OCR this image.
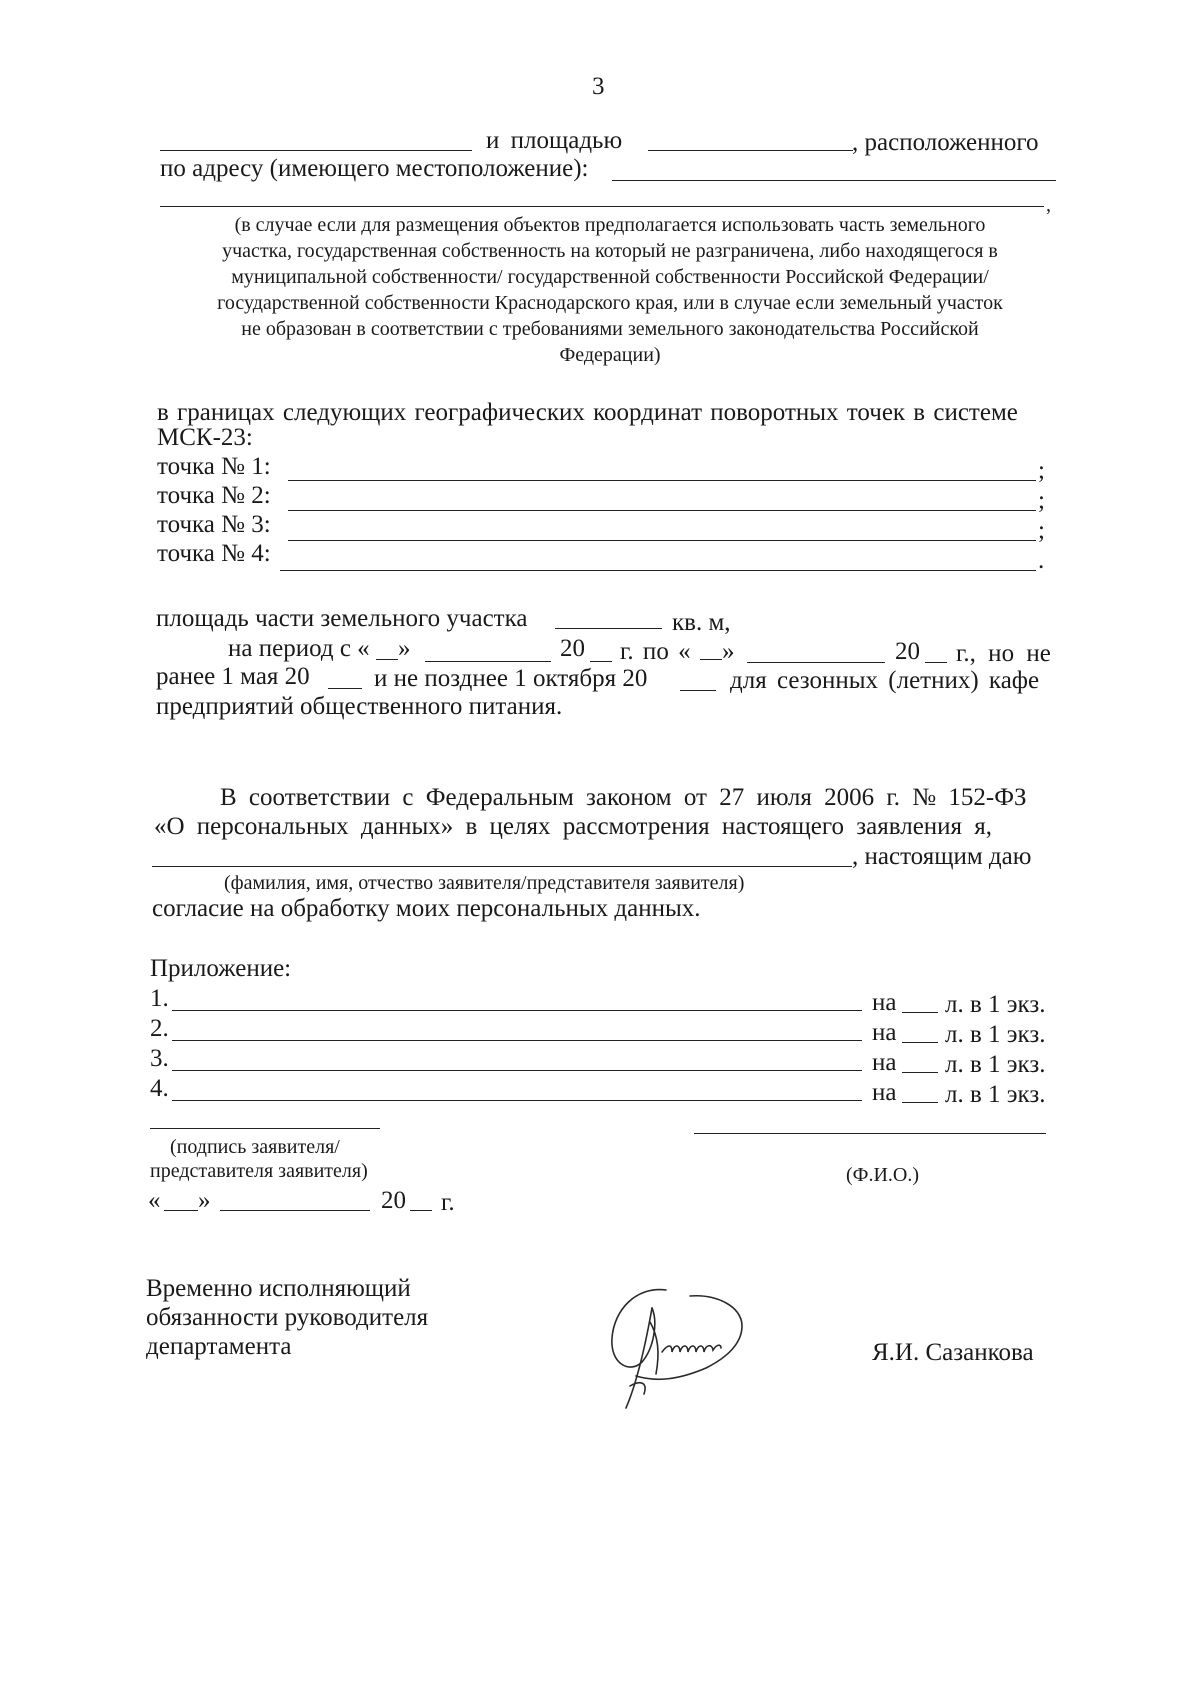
3
и площадью	, расположенного
по адресу (имеющего местоположение):
,
(в случае если для размещения объектов предполагается использовать часть земельного
участка, государственная собственность на который не разграничена, либо находящегося в
муниципальной собственности/ государственной собственности Российской Федерации/
государственной собственности Краснодарского края, или в случае если земельный участок
не образован в соответствии с требованиями земельного законодательства Российской
Федерации)
в границах следующих географических координат поворотных точек в системе
МСК-23:
точка № 1:	;
точка № 2:	;
точка № 3:	;
точка № 4:	.
площадь части земельного участка	кв. м,
на период с « »	20 г. по « »	20 г., но не
ранее 1 мая 20	и не позднее 1 октября 20	для сезонных (летних) кафе
предприятий общественного питания.
В соответствии с Федеральным законом от 27 июля 2006 г. № 152-ФЗ
«О персональных данных» в целях рассмотрения настоящего заявления я,
, настоящим даю
(фамилия, имя, отчество заявителя/представителя заявителя)
согласие на обработку моих персональных данных.
Приложение:
1.	на л. в 1 экз.
2.	на л. в 1 экз.
3.	на л. в 1 экз.
4.	на л. в 1 экз.
(подпись заявителя/
представителя заявителя)	(Ф.И.О.)
« »	20 г.
Временно исполняющий
обязанности руководителя
департамента	Я.И. Сазанкова
